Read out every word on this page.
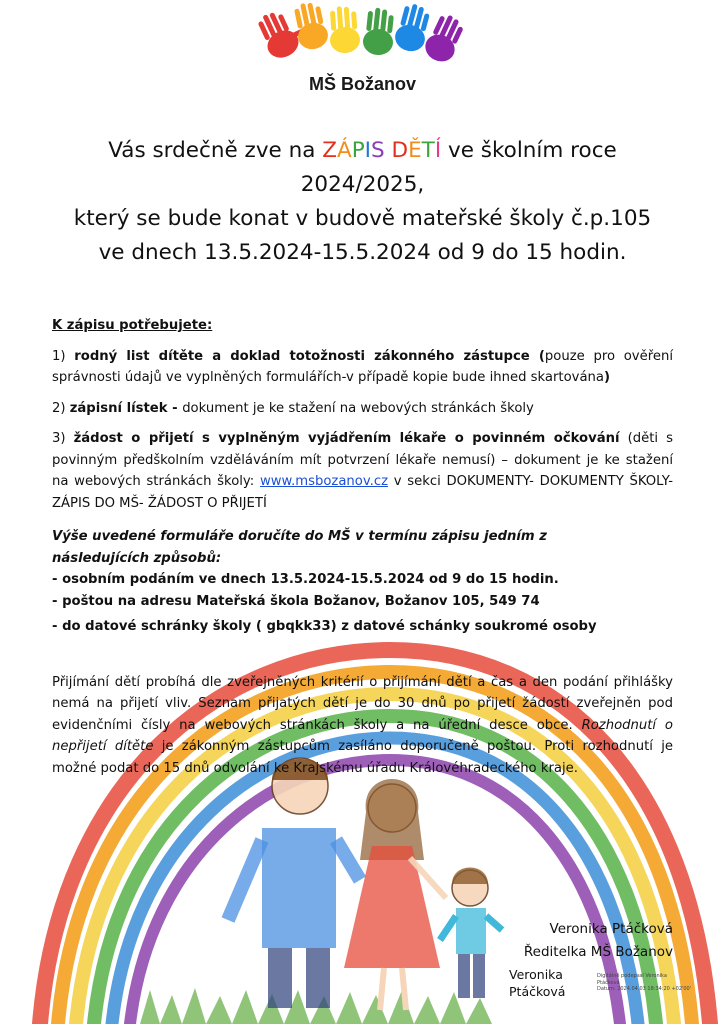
MŠ Božanov
Vás srdečně zve na ZÁPIS DĚTÍ ve školním roce
2024/2025,
který se bude konat v budově mateřské školy č.p.105
ve dnech 13.5.2024-15.5.2024 od 9 do 15 hodin.

K zápisu potřebujete:

1) rodný list dítěte a doklad totožnosti zákonného zástupce (pouze pro ověření správnosti údajů ve vyplněných formulářích-v případě kopie bude ihned skartována)

2) zápisní lístek - dokument je ke stažení na webových stránkách školy

3) žádost o přijetí s vyplněným vyjádřením lékaře o povinném očkování (děti s povinným předškolním vzděláváním mít potvrzení lékaře nemusí) – dokument je ke stažení na webových stránkách školy: www.msbozanov.cz v sekci DOKUMENTY- DOKUMENTY ŠKOLY- ZÁPIS DO MŠ- ŽÁDOST O PŘIJETÍ

Výše uvedené formuláře doručíte do MŠ v termínu zápisu jedním z
následujících způsobů:

- osobním podáním ve dnech 13.5.2024-15.5.2024 od 9 do 15 hodin.

- poštou na adresu Mateřská škola Božanov, Božanov 105, 549 74

- do datové schránky školy ( gbqkk33) z datové schánky soukromé osoby

Přijímání dětí probíhá dle zveřejněných kritérií o přijímání dětí a čas a den podání přihlášky nemá na přijetí vliv. Seznam přijatých dětí je do 30 dnů po přijetí žádostí zveřejněn pod evidenčními čísly na webových stránkách školy a na úřední desce obce. Rozhodnutí o nepřijetí dítěte je zákonným zástupcům zasíláno doporučeně poštou. Proti rozhodnutí je možné podat do 15 dnů odvolání ke Krajskému úřadu Královéhradeckého kraje.

Veronika Ptáčková
Ředitelka MŠ Božanov
Veronika
Ptáčková
Digitálně podepsal Veronika
Ptáčková
Datum: 2024.04.03 18:34:20 +02'00'
